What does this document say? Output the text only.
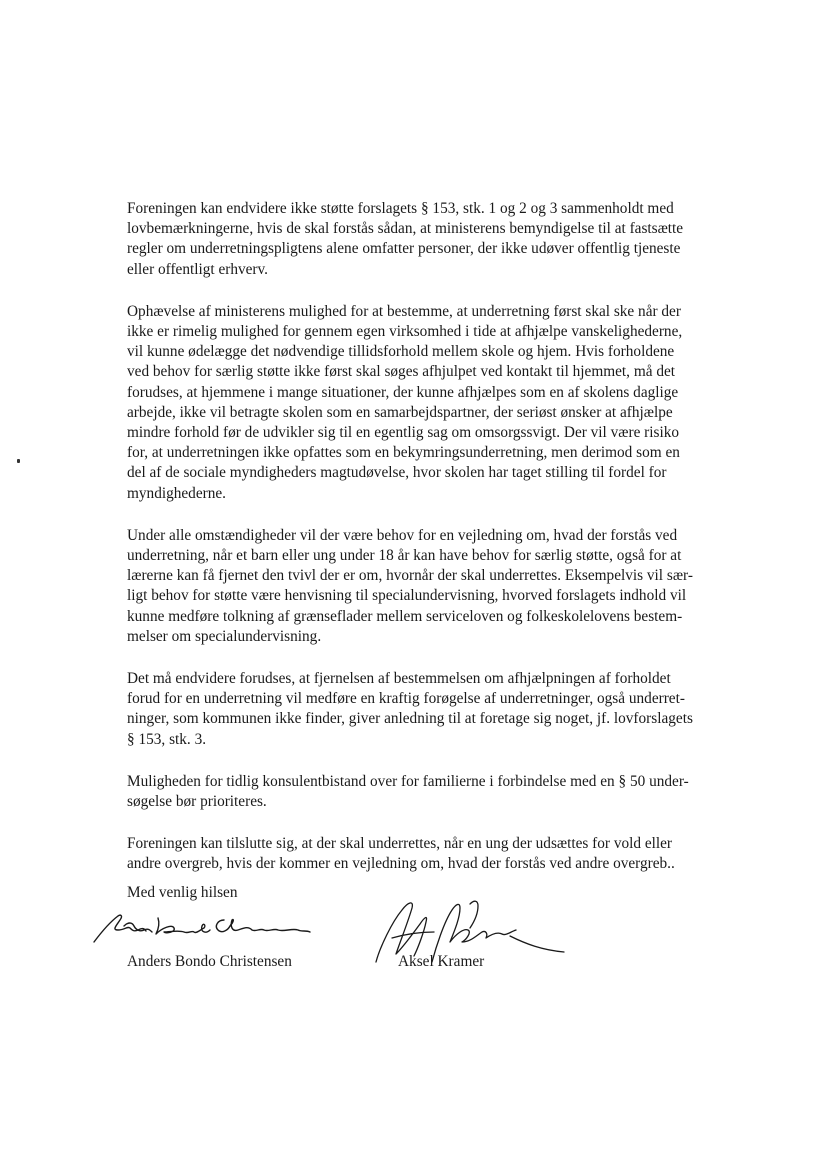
Foreningen kan endvidere ikke støtte forslagets § 153, stk. 1 og 2 og 3 sammenholdt med
lovbemærkningerne, hvis de skal forstås sådan, at ministerens bemyndigelse til at fastsætte
regler om underretningspligtens alene omfatter personer, der ikke udøver offentlig tjeneste
eller offentligt erhverv.

Ophævelse af ministerens mulighed for at bestemme, at underretning først skal ske når der
ikke er rimelig mulighed for gennem egen virksomhed i tide at afhjælpe vanskelighederne,
vil kunne ødelægge det nødvendige tillidsforhold mellem skole og hjem. Hvis forholdene
ved behov for særlig støtte ikke først skal søges afhjulpet ved kontakt til hjemmet, må det
forudses, at hjemmene i mange situationer, der kunne afhjælpes som en af skolens daglige
arbejde, ikke vil betragte skolen som en samarbejdspartner, der seriøst ønsker at afhjælpe
mindre forhold før de udvikler sig til en egentlig sag om omsorgssvigt. Der vil være risiko
for, at underretningen ikke opfattes som en bekymringsunderretning, men derimod som en
del af de sociale myndigheders magtudøvelse, hvor skolen har taget stilling til fordel for
myndighederne.

Under alle omstændigheder vil der være behov for en vejledning om, hvad der forstås ved
underretning, når et barn eller ung under 18 år kan have behov for særlig støtte, også for at
lærerne kan få fjernet den tvivl der er om, hvornår der skal underrettes. Eksempelvis vil sær-
ligt behov for støtte være henvisning til specialundervisning, hvorved forslagets indhold vil
kunne medføre tolkning af grænseflader mellem serviceloven og folkeskolelovens bestem-
melser om specialundervisning.

Det må endvidere forudses, at fjernelsen af bestemmelsen om afhjælpningen af forholdet
forud for en underretning vil medføre en kraftig forøgelse af underretninger, også underret-
ninger, som kommunen ikke finder, giver anledning til at foretage sig noget, jf. lovforslagets
§ 153, stk. 3.

Muligheden for tidlig konsulentbistand over for familierne i forbindelse med en § 50 under-
søgelse bør prioriteres.

Foreningen kan tilslutte sig, at der skal underrettes, når en ung der udsættes for vold eller
andre overgreb, hvis der kommer en vejledning om, hvad der forstås ved andre overgreb..

Med venlig hilsen
Anders Bondo Christensen	Aksel Kramer
